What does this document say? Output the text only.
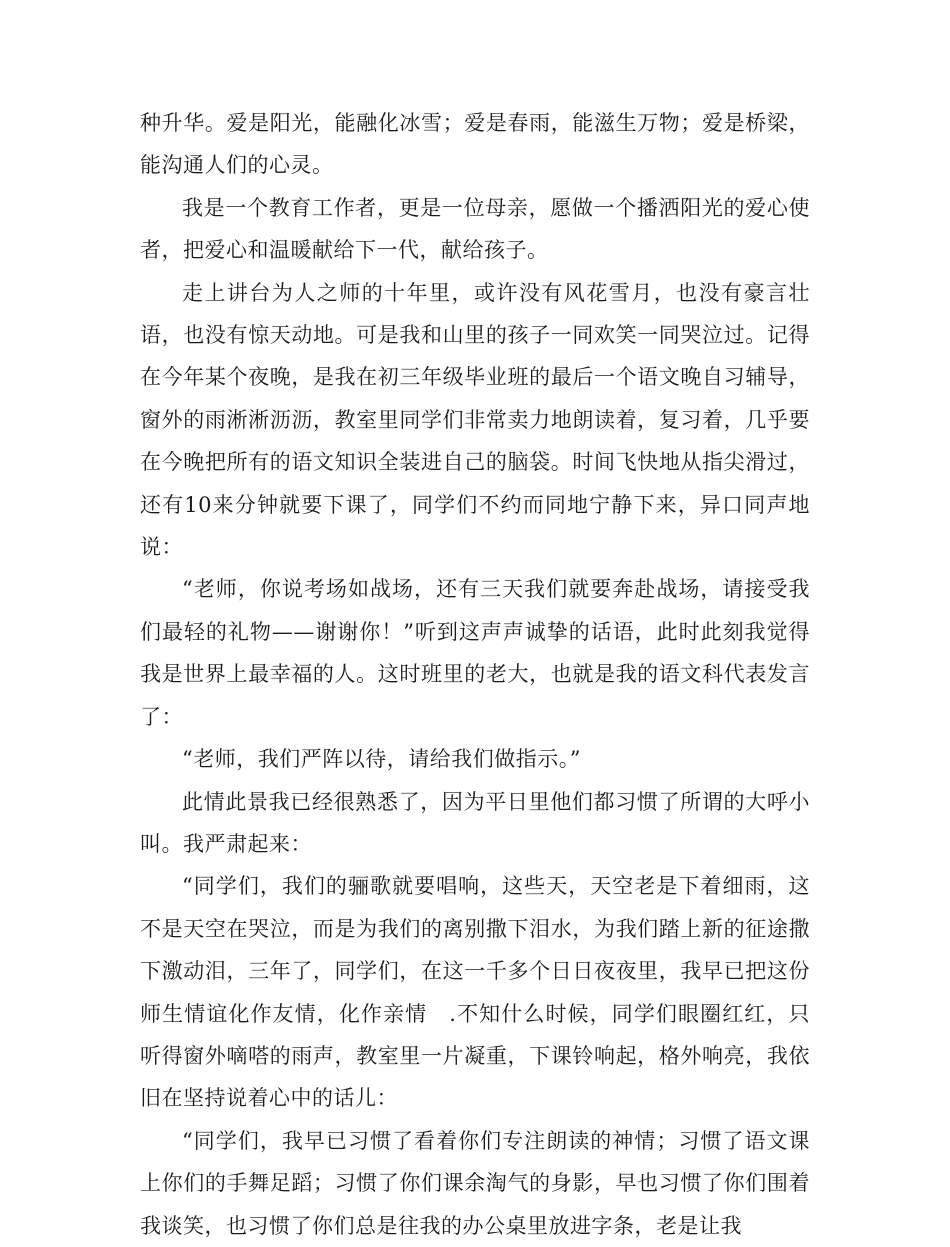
种升华。爱是阳光，能融化冰雪；爱是春雨，能滋生万物；爱是桥梁，能沟通人们的心灵。

我是一个教育工作者，更是一位母亲，愿做一个播洒阳光的爱心使者，把爱心和温暖献给下一代，献给孩子。

走上讲台为人之师的十年里，或许没有风花雪月，也没有豪言壮语，也没有惊天动地。可是我和山里的孩子一同欢笑一同哭泣过。记得在今年某个夜晚，是我在初三年级毕业班的最后一个语文晚自习辅导，窗外的雨淅淅沥沥，教室里同学们非常卖力地朗读着，复习着，几乎要在今晚把所有的语文知识全装进自己的脑袋。时间飞快地从指尖滑过，还有10来分钟就要下课了，同学们不约而同地宁静下来，异口同声地说：

“老师，你说考场如战场，还有三天我们就要奔赴战场，请接受我们最轻的礼物——谢谢你！”听到这声声诚挚的话语，此时此刻我觉得我是世界上最幸福的人。这时班里的老大，也就是我的语文科代表发言了：

“老师，我们严阵以待，请给我们做指示。”

此情此景我已经很熟悉了，因为平日里他们都习惯了所谓的大呼小叫。我严肃起来：

“同学们，我们的骊歌就要唱响，这些天，天空老是下着细雨，这不是天空在哭泣，而是为我们的离别撒下泪水，为我们踏上新的征途撒下激动泪，三年了，同学们，在这一千多个日日夜夜里，我早已把这份师生情谊化作友情，化作亲情　.不知什么时候，同学们眼圈红红，只听得窗外嘀嗒的雨声，教室里一片凝重，下课铃响起，格外响亮，我依旧在坚持说着心中的话儿：

“同学们，我早已习惯了看着你们专注朗读的神情；习惯了语文课上你们的手舞足蹈；习惯了你们课余淘气的身影，早也习惯了你们围着我谈笑，也习惯了你们总是往我的办公桌里放进字条，老是让我
